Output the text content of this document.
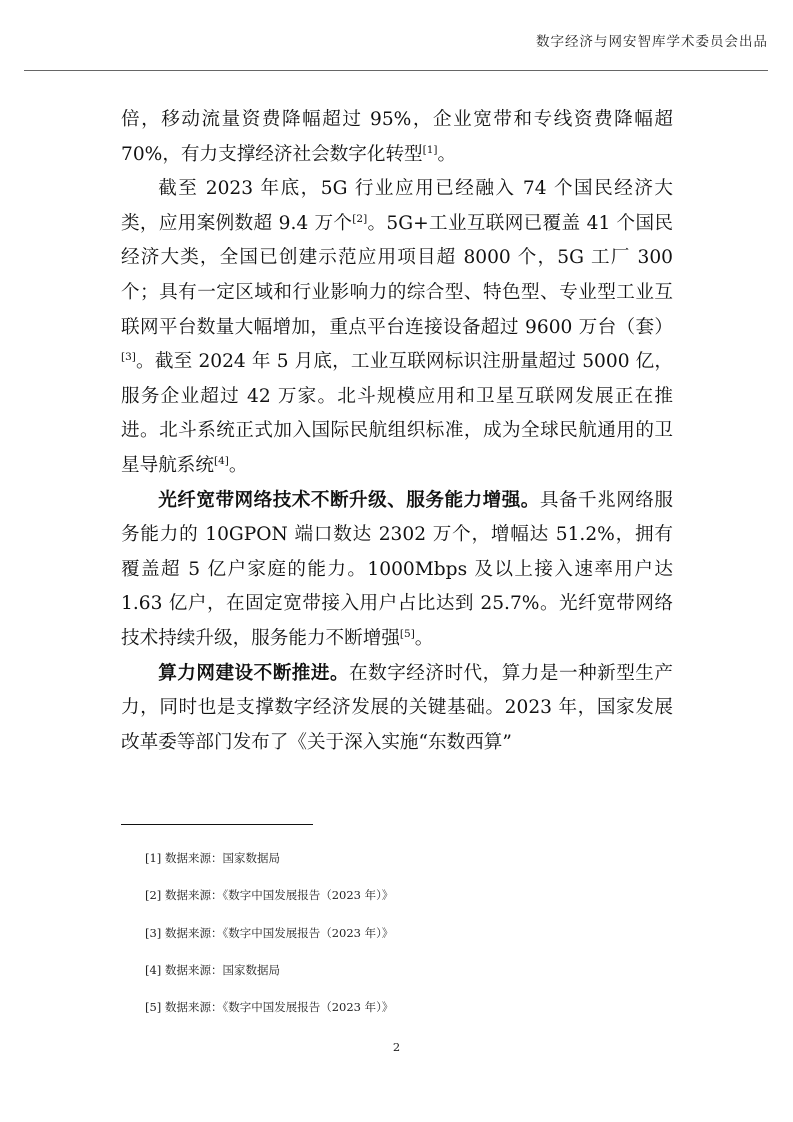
数字经济与网安智库学术委员会出品

倍，移动流量资费降幅超过 95%，企业宽带和专线资费降幅超 70%，有力支撑经济社会数字化转型[1]。

截至 2023 年底，5G 行业应用已经融入 74 个国民经济大类，应用案例数超 9.4 万个[2]。5G+工业互联网已覆盖 41 个国民经济大类，全国已创建示范应用项目超 8000 个，5G 工厂 300 个；具有一定区域和行业影响力的综合型、特色型、专业型工业互联网平台数量大幅增加，重点平台连接设备超过 9600 万台（套）[3]。截至 2024 年 5 月底，工业互联网标识注册量超过 5000 亿，服务企业超过 42 万家。北斗规模应用和卫星互联网发展正在推进。北斗系统正式加入国际民航组织标准，成为全球民航通用的卫星导航系统[4]。

光纤宽带网络技术不断升级、服务能力增强。具备千兆网络服务能力的 10GPON 端口数达 2302 万个，增幅达 51.2%，拥有覆盖超 5 亿户家庭的能力。1000Mbps 及以上接入速率用户达 1.63 亿户，在固定宽带接入用户占比达到 25.7%。光纤宽带网络技术持续升级，服务能力不断增强[5]。

算力网建设不断推进。在数字经济时代，算力是一种新型生产力，同时也是支撑数字经济发展的关键基础。2023 年，国家发展改革委等部门发布了《关于深入实施“东数西算”

[1] 数据来源：国家数据局
[2] 数据来源：《数字中国发展报告（2023 年）》
[3] 数据来源：《数字中国发展报告（2023 年）》
[4] 数据来源：国家数据局
[5] 数据来源：《数字中国发展报告（2023 年）》
2
